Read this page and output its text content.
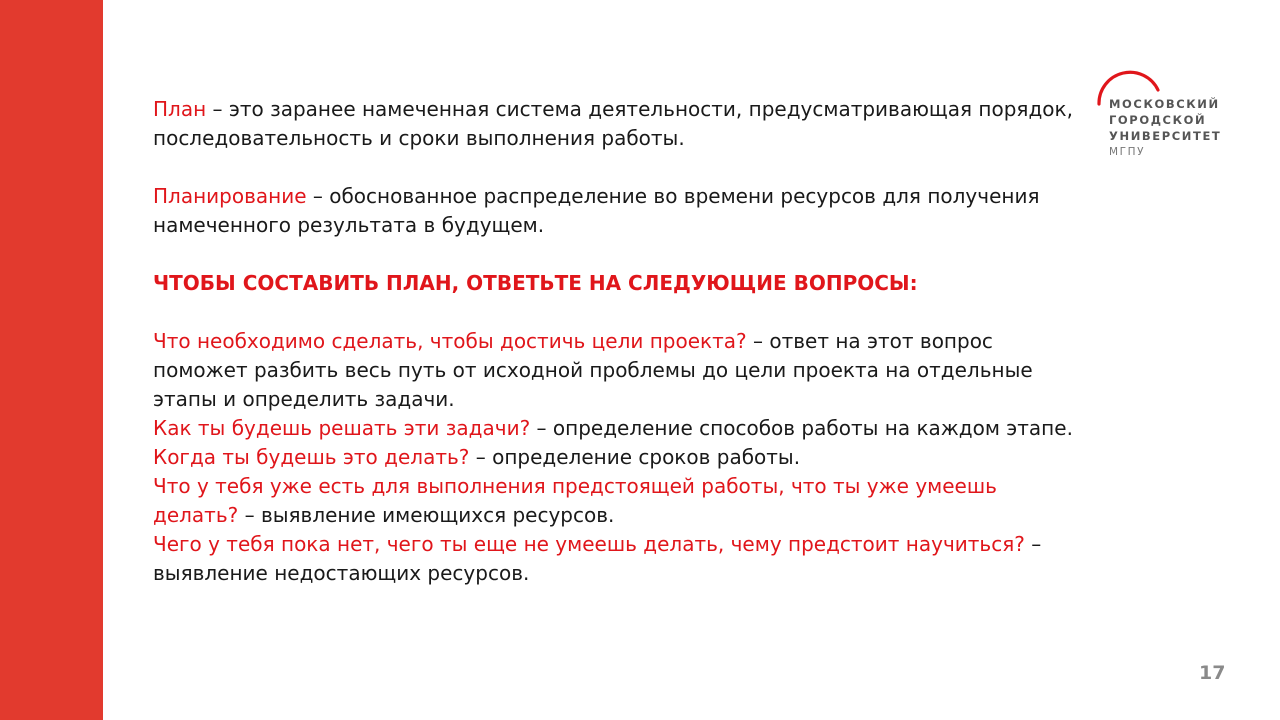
МОСКОВСКИЙ
ГОРОДСКОЙ
УНИВЕРСИТЕТ
МГПУ

План – это заранее намеченная система деятельности, предусматривающая порядок, последовательность и сроки выполнения работы.

Планирование – обоснованное распределение во времени ресурсов для получения намеченного результата в будущем.

ЧТОБЫ СОСТАВИТЬ ПЛАН, ОТВЕТЬТЕ НА СЛЕДУЮЩИЕ ВОПРОСЫ:

Что необходимо сделать, чтобы достичь цели проекта? – ответ на этот вопрос поможет разбить весь путь от исходной проблемы до цели проекта на отдельные этапы и определить задачи.

Как ты будешь решать эти задачи? – определение способов работы на каждом этапе.

Когда ты будешь это делать? – определение сроков работы.

Что у тебя уже есть для выполнения предстоящей работы, что ты уже умеешь делать? – выявление имеющихся ресурсов.

Чего у тебя пока нет, чего ты еще не умеешь делать, чему предстоит научиться? – выявление недостающих ресурсов.

17
